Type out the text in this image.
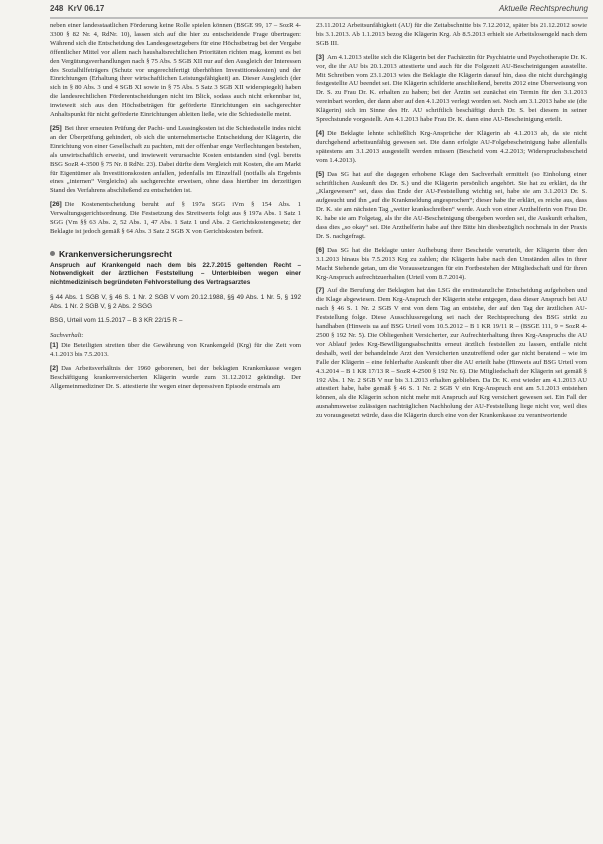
248 KrV 06.17	Aktuelle Rechtsprechung

neben einer landesstaatlichen Förderung keine Rolle spielen können (BSGE 99, 17 – SozR 4-3300 § 82 Nr. 4, RdNr. 10), lassen sich auf die hier zu entscheidende Frage übertragen: Während sich die Entscheidung des Landesgesetzgebers für eine Höchstbetrag bei der Vergabe öffentlicher Mittel vor allem nach haushaltsrechtlichen Prioritäten richten mag, kommt es bei den Vergütungsverhandlungen nach § 75 Abs. 5 SGB XII nur auf den Ausgleich der Interessen des Sozialhilfeträgers (Schutz vor ungerechtfertigt überhöhten Investitionskosten) und der Einrichtungen (Erhaltung ihrer wirtschaftlichen Leistungsfähigkeit) an. Dieser Ausgleich (der sich in § 80 Abs. 3 und 4 SGB XI sowie in § 75 Abs. 5 Satz 3 SGB XII widerspiegelt) haben die landesrechtlichen Förderentscheidungen nicht im Blick, sodass auch nicht erkennbar ist, inwieweit sich aus den Höchstbeträgen für geförderte Einrichtungen ein sachgerechter Anhaltspunkt für nicht geförderte Einrichtungen ableiten ließe, wie die Schiedsstelle meint.

[25] Bei ihrer erneuten Prüfung der Pacht- und Leasingkosten ist die Schiedsstelle indes nicht an der Überprüfung gehindert, ob sich die unternehmerische Entscheidung der Klägerin, die Einrichtung von einer Gesellschaft zu pachten, mit der offenbar enge Verflechtungen bestehen, als unwirtschaftlich erweist, und inwieweit verursachte Kosten entstanden sind (vgl. bereits BSG SozR 4-3500 § 75 Nr. 8 RdNr. 23). Dabei dürfte dem Vergleich mit Kosten, die am Markt für Eigentümer als Investitionskosten anfallen, jedenfalls im Einzelfall (notfalls als Ergebnis eines „internen“ Vergleichs) als sachgerechte erweisen, ohne dass hierüber im derzeitigen Stand des Verfahrens abschließend zu entscheiden ist.

[26] Die Kostenentscheidung beruht auf § 197a SGG iVm § 154 Abs. 1 Verwaltungsgerichtsordnung. Die Festsetzung des Streitwerts folgt aus § 197a Abs. 1 Satz 1 SGG (Vm §§ 63 Abs. 2, 52 Abs. 1, 47 Abs. 1 Satz 1 und Abs. 2 Gerichtskostengesetz; der Beklagte ist jedoch gemäß § 64 Abs. 3 Satz 2 SGB X von Gerichtskosten befreit.

Krankenversicherungsrecht
Anspruch auf Krankengeld nach dem bis 22.7.2015 geltenden Recht – Notwendigkeit der ärztlichen Feststellung – Unterbleiben wegen einer nichtmedizinisch begründeten Fehlvorstellung des Vertragsarztes
§ 44 Abs. 1 SGB V, § 46 S. 1 Nr. 2 SGB V vom 20.12.1988, §§ 49 Abs. 1 Nr. 5, § 192 Abs. 1 Nr. 2 SGB V, § 2 Abs. 2 SGG
BSG, Urteil vom 11.5.2017 – B 3 KR 22/15 R –
Sachverhalt:

[1] Die Beteiligten streiten über die Gewährung von Krankengeld (Krg) für die Zeit vom 4.1.2013 bis 7.5.2013.

[2] Das Arbeitsverhältnis der 1960 geborenen, bei der beklagten Krankenkasse wegen Beschäftigung krankenversicherten Klägerin wurde zum 31.12.2012 gekündigt. Der Allgemeinmediziner Dr. S. attestierte ihr wegen einer depressiven Episode erstmals am

23.11.2012 Arbeitsunfähigkeit (AU) für die Zeitabschnitte bis 7.12.2012, später bis 21.12.2012 sowie bis 3.1.2013. Ab 1.1.2013 bezog die Klägerin Krg. Ab 8.5.2013 erhielt sie Arbeitslosengeld nach dem SGB III.

[3] Am 4.1.2013 stellte sich die Klägerin bei der Fachärztin für Psychiatrie und Psychotherapie Dr. K. vor, die ihr AU bis 20.1.2013 attestierte und auch für die Folgezeit AU-Bescheinigungen ausstellte. Mit Schreiben vom 23.1.2013 wies die Beklagte die Klägerin darauf hin, dass die nicht durchgängig festgestellte AU beendet sei. Die Klägerin schilderte anschließend, bereits 2012 eine Überweisung von Dr. S. zu Frau Dr. K. erhalten zu haben; bei der Ärztin sei zunächst ein Termin für den 3.1.2013 vereinbart worden, der dann aber auf den 4.1.2013 verlegt worden sei. Noch am 3.1.2013 habe sie (die Klägerin) sich im Sinne des Hr. AU schriftlich beschäftigt durch Dr. S. bei diesem in seiner Sprechstunde vorgestellt. Am 4.1.2013 habe Frau Dr. K. dann eine AU-Bescheinigung erteilt.

[4] Die Beklagte lehnte schließlich Krg-Ansprüche der Klägerin ab 4.1.2013 ab, da sie nicht durchgehend arbeitsunfähig gewesen sei. Die dann erfolgte AU-Folgebescheinigung habe allenfalls spätestens am 3.1.2013 ausgestellt werden müssen (Bescheid vom 4.2.2013; Widerspruchsbescheid vom 1.4.2013).

[5] Das SG hat auf die dagegen erhobene Klage den Sachverhalt ermittelt (so Einholung einer schriftlichen Auskunft des Dr. S.) und die Klägerin persönlich angehört. Sie hat zu erklärt, da ihr „Klargewesen“ sei, dass das Ende der AU-Feststellung wichtig sei, habe sie am 3.1.2013 Dr. S. aufgesucht und ihn „auf die Krankmeldung angesprochen“; dieser habe ihr erklärt, es reiche aus, dass Dr. K. sie am nächsten Tag „weiter krankschreiben“ werde. Auch von einer Arzthelferin von Frau Dr. K. habe sie am Folgetag, als ihr die AU-Bescheinigung übergeben worden sei, die Auskunft erhalten, dass dies „so okay“ sei. Die Arzthelferin habe auf ihre Bitte hin diesbezüglich nochmals in der Praxis Dr. S. nachgefragt.

[6] Das SG hat die Beklagte unter Aufhebung ihrer Bescheide verurteilt, der Klägerin über den 3.1.2013 hinaus bis 7.5.2013 Krg zu zahlen; die Klägerin habe nach den Umständen alles in ihrer Macht Stehende getan, um die Voraussetzungen für ein Fortbestehen der Mitgliedschaft und für ihren Krg-Anspruch aufrechtzuerhalten (Urteil vom 8.7.2014).

[7] Auf die Berufung der Beklagten hat das LSG die erstinstanzliche Entscheidung aufgehoben und die Klage abgewiesen. Dem Krg-Anspruch der Klägerin stehe entgegen, dass dieser Anspruch bei AU nach § 46 S. 1 Nr. 2 SGB V erst von dem Tag an entstehe, der auf den Tag der ärztlichen AU-Feststellung folge. Diese Ausschlussregelung sei nach der Rechtsprechung des BSG strikt zu handhaben (Hinweis ua auf BSG Urteil vom 10.5.2012 – B 1 KR 19/11 R – (BSGE 111, 9 = SozR 4-2500 § 192 Nr. 5). Die Obliegenheit Versicherter, zur Aufrechterhaltung ihres Krg-Anspruchs die AU vor Ablauf jedes Krg-Bewilligungsabschnitts erneut ärztlich feststellen zu lassen, entfalle nicht deshalb, weil der behandelnde Arzt den Versicherten unzutreffend oder gar nicht beratend – wie im Falle der Klägerin – eine fehlerhafte Auskunft über die AU erteilt habe (Hinweis auf BSG Urteil vom 4.3.2014 – B 1 KR 17/13 R – SozR 4-2500 § 192 Nr. 6). Die Mitgliedschaft der Klägerin sei gemäß § 192 Abs. 1 Nr. 2 SGB V nur bis 3.1.2013 erhalten geblieben. Da Dr. K. erst wieder am 4.1.2013 AU attestiert habe, habe gemäß § 46 S. 1 Nr. 2 SGB V ein Krg-Anspruch erst am 5.1.2013 entstehen können, als die Klägerin schon nicht mehr mit Anspruch auf Krg versichert gewesen sei. Ein Fall der ausnahmsweise zulässigen nachträglichen Nachholung der AU-Feststellung liege nicht vor, weil dies zu vorausgesetzt würde, dass die Klägerin durch eine von der Krankenkasse zu verantwortende
